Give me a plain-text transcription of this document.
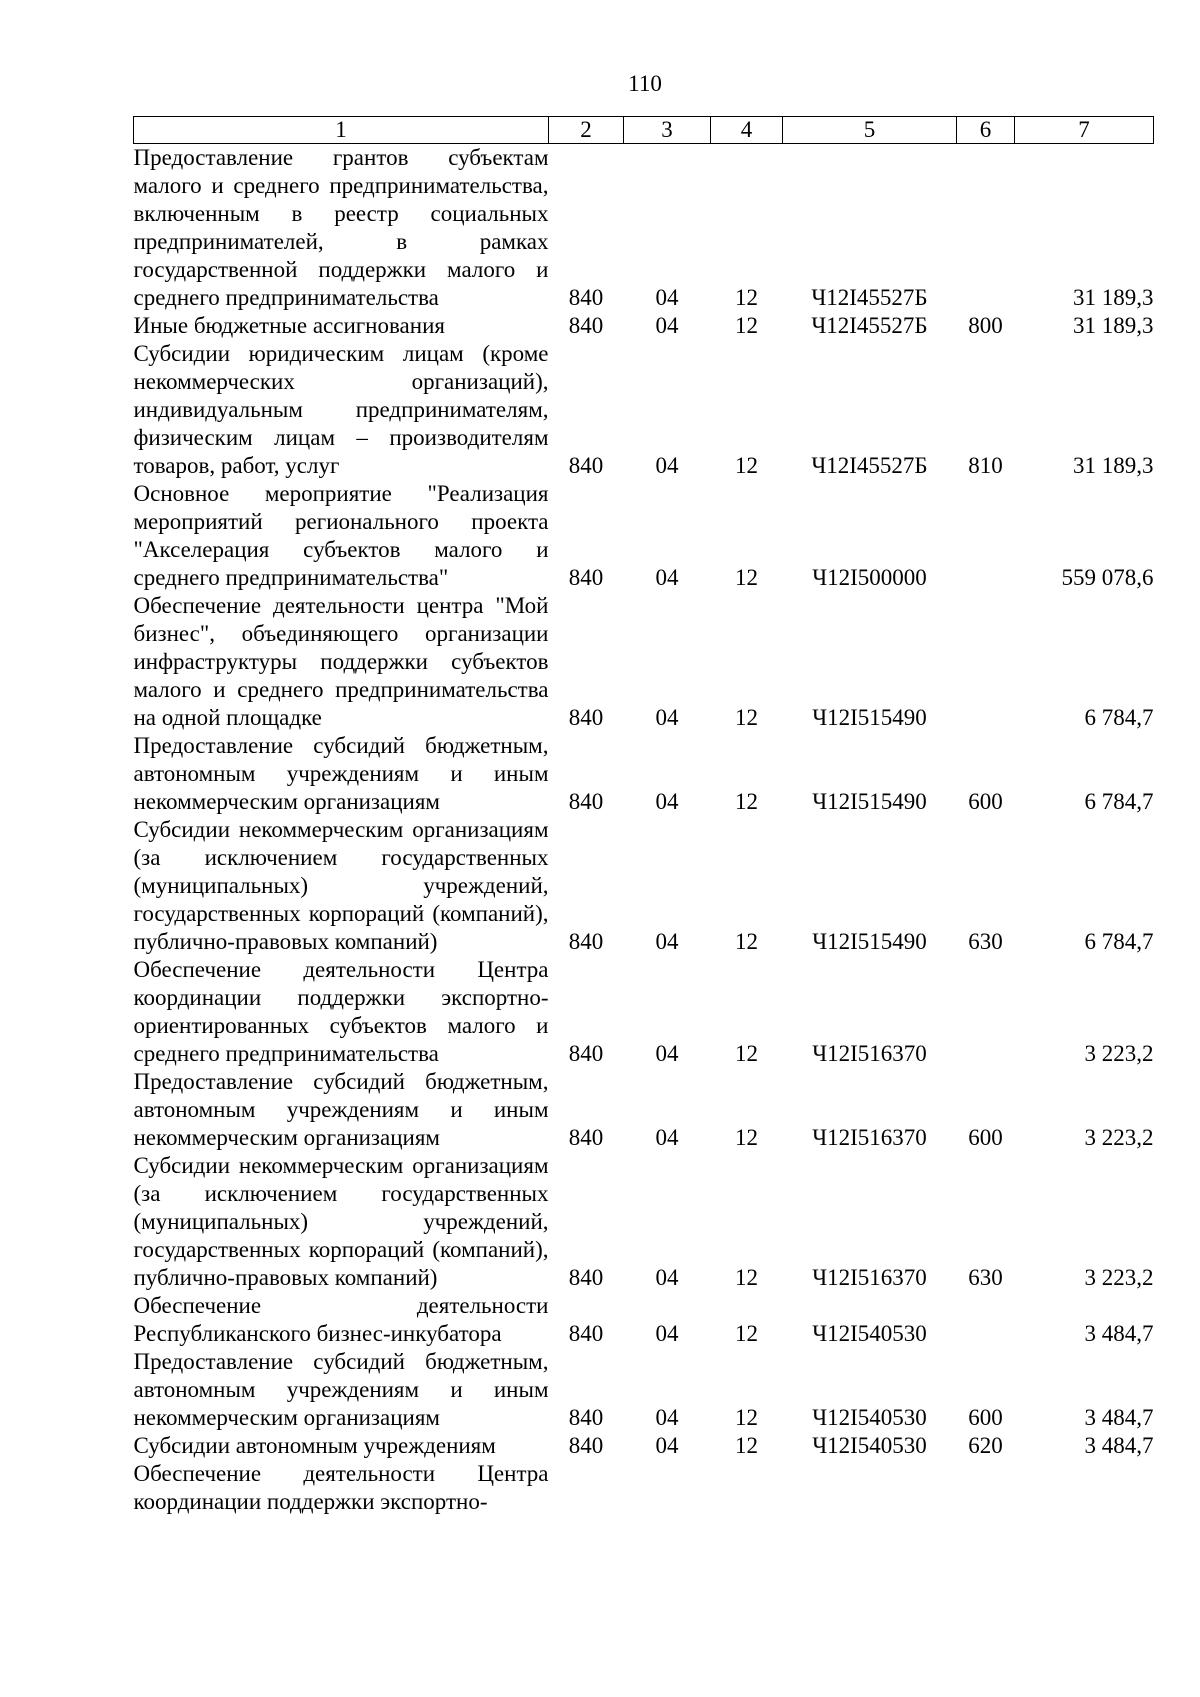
110
1	2	3	4	5	6	7
Предоставление грантов субъектам малого и среднего предпринимательства, включенным в реестр социальных предпринимателей, в рамках государственной поддержки малого и среднего предпринимательства	840	04	12	Ч12I45527Б		31 189,3
Иные бюджетные ассигнования	840	04	12	Ч12I45527Б	800	31 189,3
Субсидии юридическим лицам (кроме некоммерческих организаций), индивидуальным предпринимателям, физическим лицам – производителям товаров, работ, услуг	840	04	12	Ч12I45527Б	810	31 189,3
Основное мероприятие "Реализация мероприятий регионального проекта "Акселерация субъектов малого и среднего предпринимательства"	840	04	12	Ч12I500000		559 078,6
Обеспечение деятельности центра "Мой бизнес", объединяющего организации инфраструктуры поддержки субъектов малого и среднего предпринимательства на одной площадке	840	04	12	Ч12I515490		6 784,7
Предоставление субсидий бюджетным, автономным учреждениям и иным некоммерческим организациям	840	04	12	Ч12I515490	600	6 784,7
Субсидии некоммерческим организациям (за исключением государственных (муниципальных) учреждений, государственных корпораций (компаний), публично-правовых компаний)	840	04	12	Ч12I515490	630	6 784,7
Обеспечение деятельности Центра координации поддержки экспортно-ориентированных субъектов малого и среднего предпринимательства	840	04	12	Ч12I516370		3 223,2
Предоставление субсидий бюджетным, автономным учреждениям и иным некоммерческим организациям	840	04	12	Ч12I516370	600	3 223,2
Субсидии некоммерческим организациям (за исключением государственных (муниципальных) учреждений, государственных корпораций (компаний), публично-правовых компаний)	840	04	12	Ч12I516370	630	3 223,2
Обеспечение деятельности Республиканского бизнес-инкубатора	840	04	12	Ч12I540530		3 484,7
Предоставление субсидий бюджетным, автономным учреждениям и иным некоммерческим организациям	840	04	12	Ч12I540530	600	3 484,7
Субсидии автономным учреждениям	840	04	12	Ч12I540530	620	3 484,7
Обеспечение деятельности Центра координации поддержки экспортно-						
